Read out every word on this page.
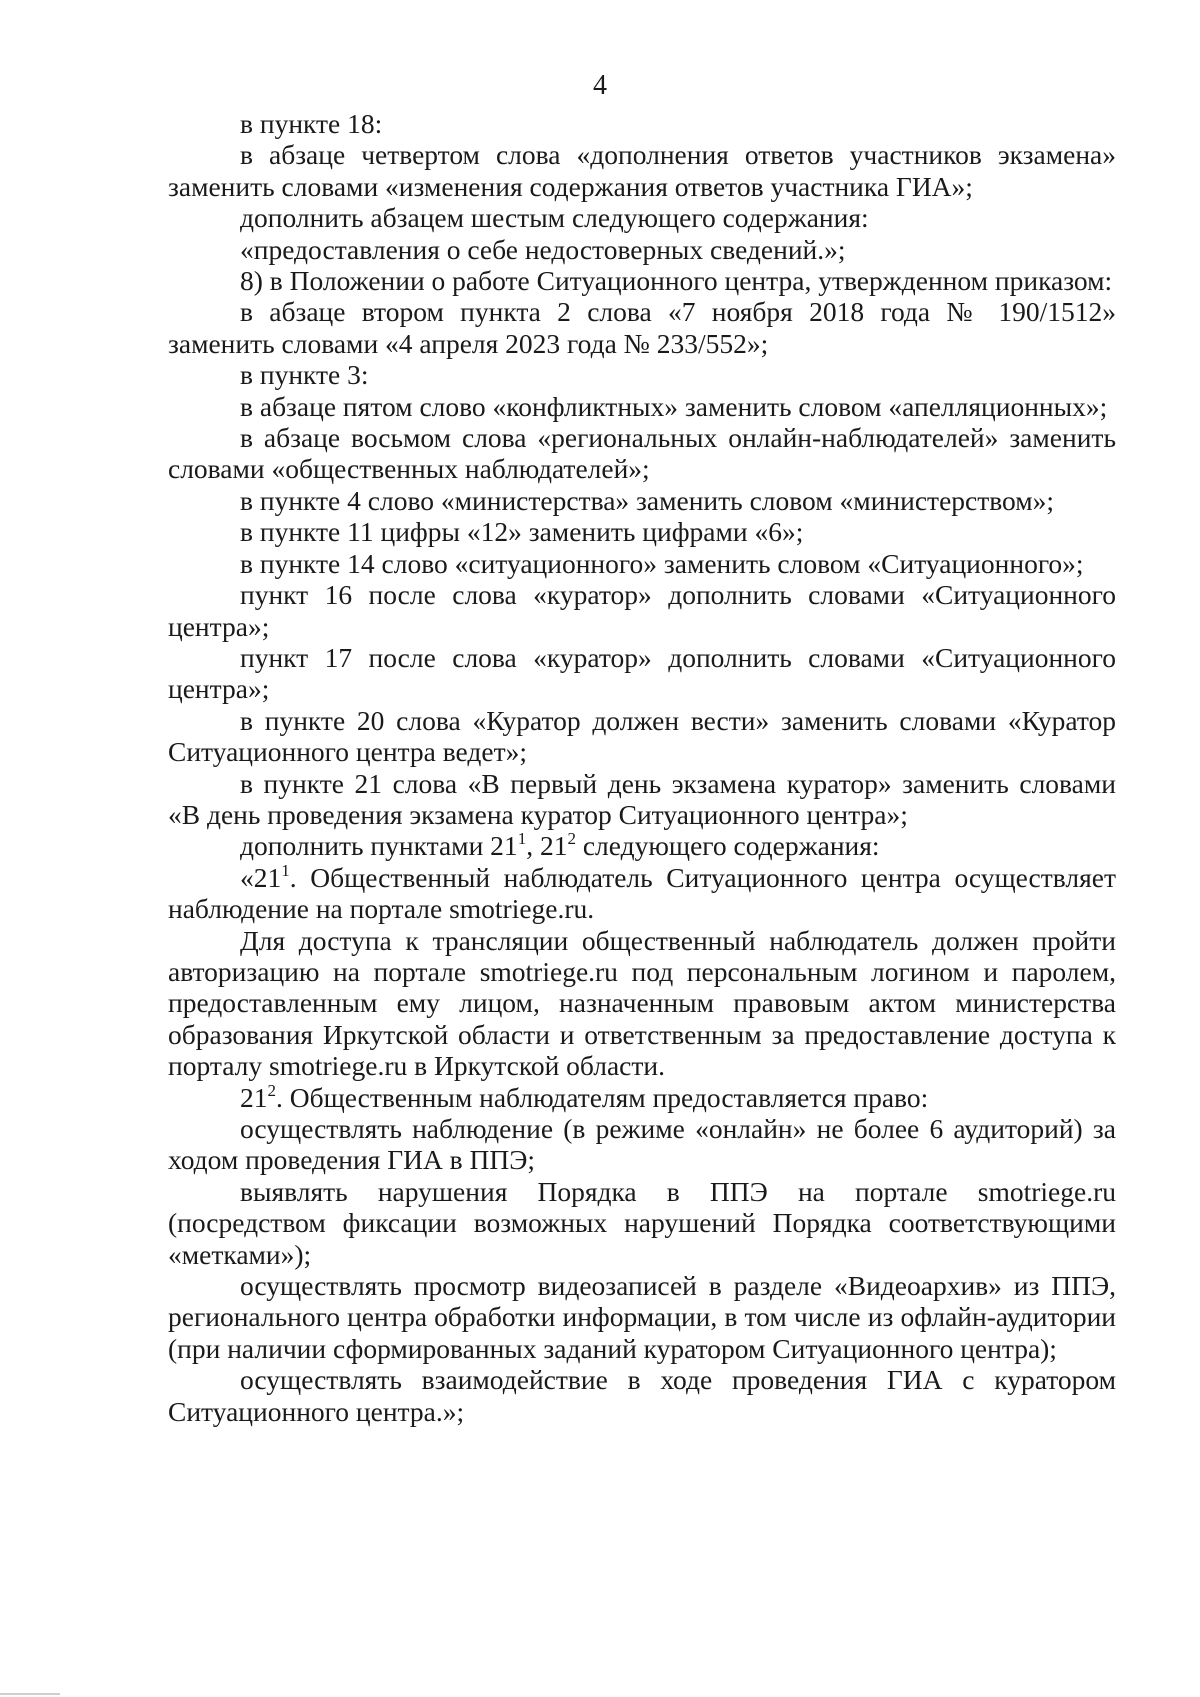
4

в пункте 18:

в абзаце четвертом слова «дополнения ответов участников экзамена» заменить словами «изменения содержания ответов участника ГИА»;

дополнить абзацем шестым следующего содержания:

«предоставления о себе недостоверных сведений.»;

8) в Положении о работе Ситуационного центра, утвержденном приказом:

в абзаце втором пункта 2 слова «7 ноября 2018 года № 190/1512» заменить словами «4 апреля 2023 года № 233/552»;

в пункте 3:

в абзаце пятом слово «конфликтных» заменить словом «апелляционных»;

в абзаце восьмом слова «региональных онлайн-наблюдателей» заменить словами «общественных наблюдателей»;

в пункте 4 слово «министерства» заменить словом «министерством»;

в пункте 11 цифры «12» заменить цифрами «6»;

в пункте 14 слово «ситуационного» заменить словом «Ситуационного»;

пункт 16 после слова «куратор» дополнить словами «Ситуационного центра»;

пункт 17 после слова «куратор» дополнить словами «Ситуационного центра»;

в пункте 20 слова «Куратор должен вести» заменить словами «Куратор Ситуационного центра ведет»;

в пункте 21 слова «В первый день экзамена куратор» заменить словами «В день проведения экзамена куратор Ситуационного центра»;

дополнить пунктами $21^1$, $21^2$ следующего содержания:

«$21^1$. Общественный наблюдатель Ситуационного центра осуществляет наблюдение на портале smotriege.ru.

Для доступа к трансляции общественный наблюдатель должен пройти авторизацию на портале smotriege.ru под персональным логином и паролем, предоставленным ему лицом, назначенным правовым актом министерства образования Иркутской области и ответственным за предоставление доступа к порталу smotriege.ru в Иркутской области.

$21^2$. Общественным наблюдателям предоставляется право:

осуществлять наблюдение (в режиме «онлайн» не более 6 аудиторий) за ходом проведения ГИА в ППЭ;

выявлять нарушения Порядка в ППЭ на портале smotriege.ru (посредством фиксации возможных нарушений Порядка соответствующими «метками»);

осуществлять просмотр видеозаписей в разделе «Видеоархив» из ППЭ, регионального центра обработки информации, в том числе из офлайн-аудитории (при наличии сформированных заданий куратором Ситуационного центра);

осуществлять взаимодействие в ходе проведения ГИА с куратором Ситуационного центра.»;
